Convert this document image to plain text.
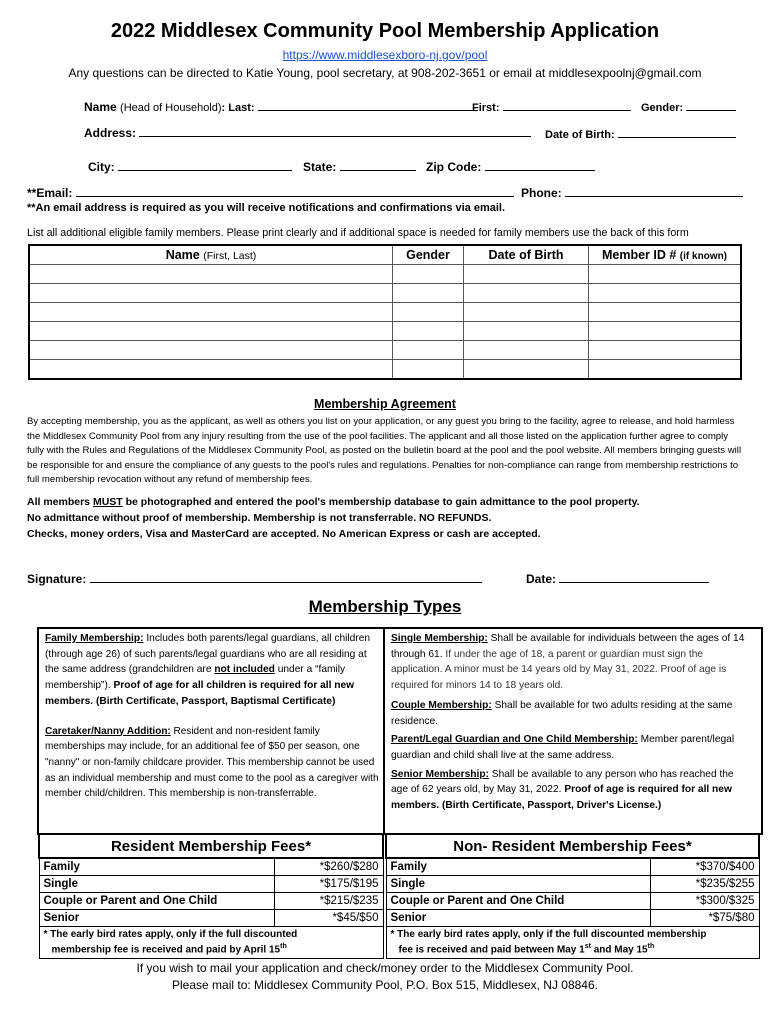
2022 Middlesex Community Pool Membership Application
https://www.middlesexboro-nj.gov/pool
Any questions can be directed to Katie Young, pool secretary, at 908-202-3651 or email at middlesexpoolnj@gmail.com
Name (Head of Household): Last:	First:	Gender:
Address:	Date of Birth:
City:	State:	Zip Code:
**Email:	Phone:
**An email address is required as you will receive notifications and confirmations via email.
List all additional eligible family members. Please print clearly and if additional space is needed for family members use the back of this form
Name (First, Last)	Gender	Date of Birth	Member ID # (if known)

Membership Agreement
By accepting membership, you as the applicant, as well as others you list on your application, or any guest you bring to the facility, agree to release, and hold harmless the Middlesex Community Pool from any injury resulting from the use of the pool facilities. The applicant and all those listed on the application further agree to comply fully with the Rules and Regulations of the Middlesex Community Pool, as posted on the bulletin board at the pool and the pool website. All members bringing guests will be responsible for and ensure the compliance of any guests to the pool's rules and regulations. Penalties for non-compliance can range from membership restrictions to full membership revocation without any refund of membership fees.
All members MUST be photographed and entered the pool's membership database to gain admittance to the pool property.
No admittance without proof of membership. Membership is not transferrable. NO REFUNDS.
Checks, money orders, Visa and MasterCard are accepted. No American Express or cash are accepted.
Signature:	Date:
Membership Types
Family Membership: Includes both parents/legal guardians, all children (through age 26) of such parents/legal guardians who are all residing at the same address (grandchildren are not included under a “family membership”). Proof of age for all children is required for all new members. (Birth Certificate, Passport, Baptismal Certificate)
Caretaker/Nanny Addition: Resident and non-resident family memberships may include, for an additional fee of $50 per season, one "nanny" or non-family childcare provider. This membership cannot be used as an individual membership and must come to the pool as a caregiver with member child/children. This membership is non-transferrable.
Single Membership: Shall be available for individuals between the ages of 14 through 61. If under the age of 18, a parent or guardian must sign the application. A minor must be 14 years old by May 31, 2022. Proof of age is required for minors 14 to 18 years old.
Couple Membership: Shall be available for two adults residing at the same residence.
Parent/Legal Guardian and One Child Membership: Member parent/legal guardian and child shall live at the same address.
Senior Membership: Shall be available to any person who has reached the age of 62 years old, by May 31, 2022. Proof of age is required for all new members. (Birth Certificate, Passport, Driver's License.)
Resident Membership Fees*	
Family	*$260/$280
Single	*$175/$195
Couple or Parent and One Child	*$215/$235
Senior	*$45/$50

* The early bird rates apply, only if the full discounted
membership fee is received and paid by April 15th
Non- Resident Membership Fees*	
Family	*$370/$400
Single	*$235/$255
Couple or Parent and One Child	*$300/$325
Senior	*$75/$80

* The early bird rates apply, only if the full discounted membership
fee is received and paid between May 1st and May 15th
If you wish to mail your application and check/money order to the Middlesex Community Pool.
Please mail to: Middlesex Community Pool, P.O. Box 515, Middlesex, NJ 08846.
